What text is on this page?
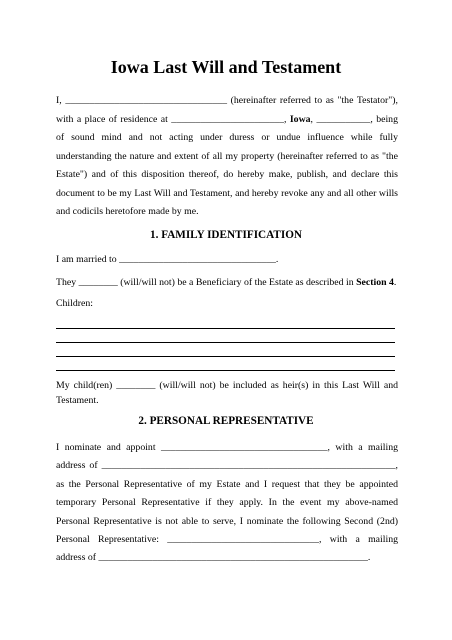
Iowa Last Will and Testament
I, _________________________________ (hereinafter referred to as "the Testator"),
with a place of residence at _______________________, Iowa, ___________, being
of sound mind and not acting under duress or undue influence while fully
understanding the nature and extent of all my property (hereinafter referred to as "the
Estate") and of this disposition thereof, do hereby make, publish, and declare this
document to be my Last Will and Testament, and hereby revoke any and all other wills
and codicils heretofore made by me.
1. FAMILY IDENTIFICATION
I am married to ________________________________.
They ________ (will/will not) be a Beneficiary of the Estate as described in Section 4.
Children:
My child(ren) ________ (will/will not) be included as heir(s) in this Last Will and
Testament.
2. PERSONAL REPRESENTATIVE
I nominate and appoint __________________________________, with a mailing
address of ____________________________________________________________,
as the Personal Representative of my Estate and I request that they be appointed
temporary Personal Representative if they apply. In the event my above-named
Personal Representative is not able to serve, I nominate the following Second (2nd)
Personal Representative: _______________________________, with a mailing
address of _______________________________________________________.
